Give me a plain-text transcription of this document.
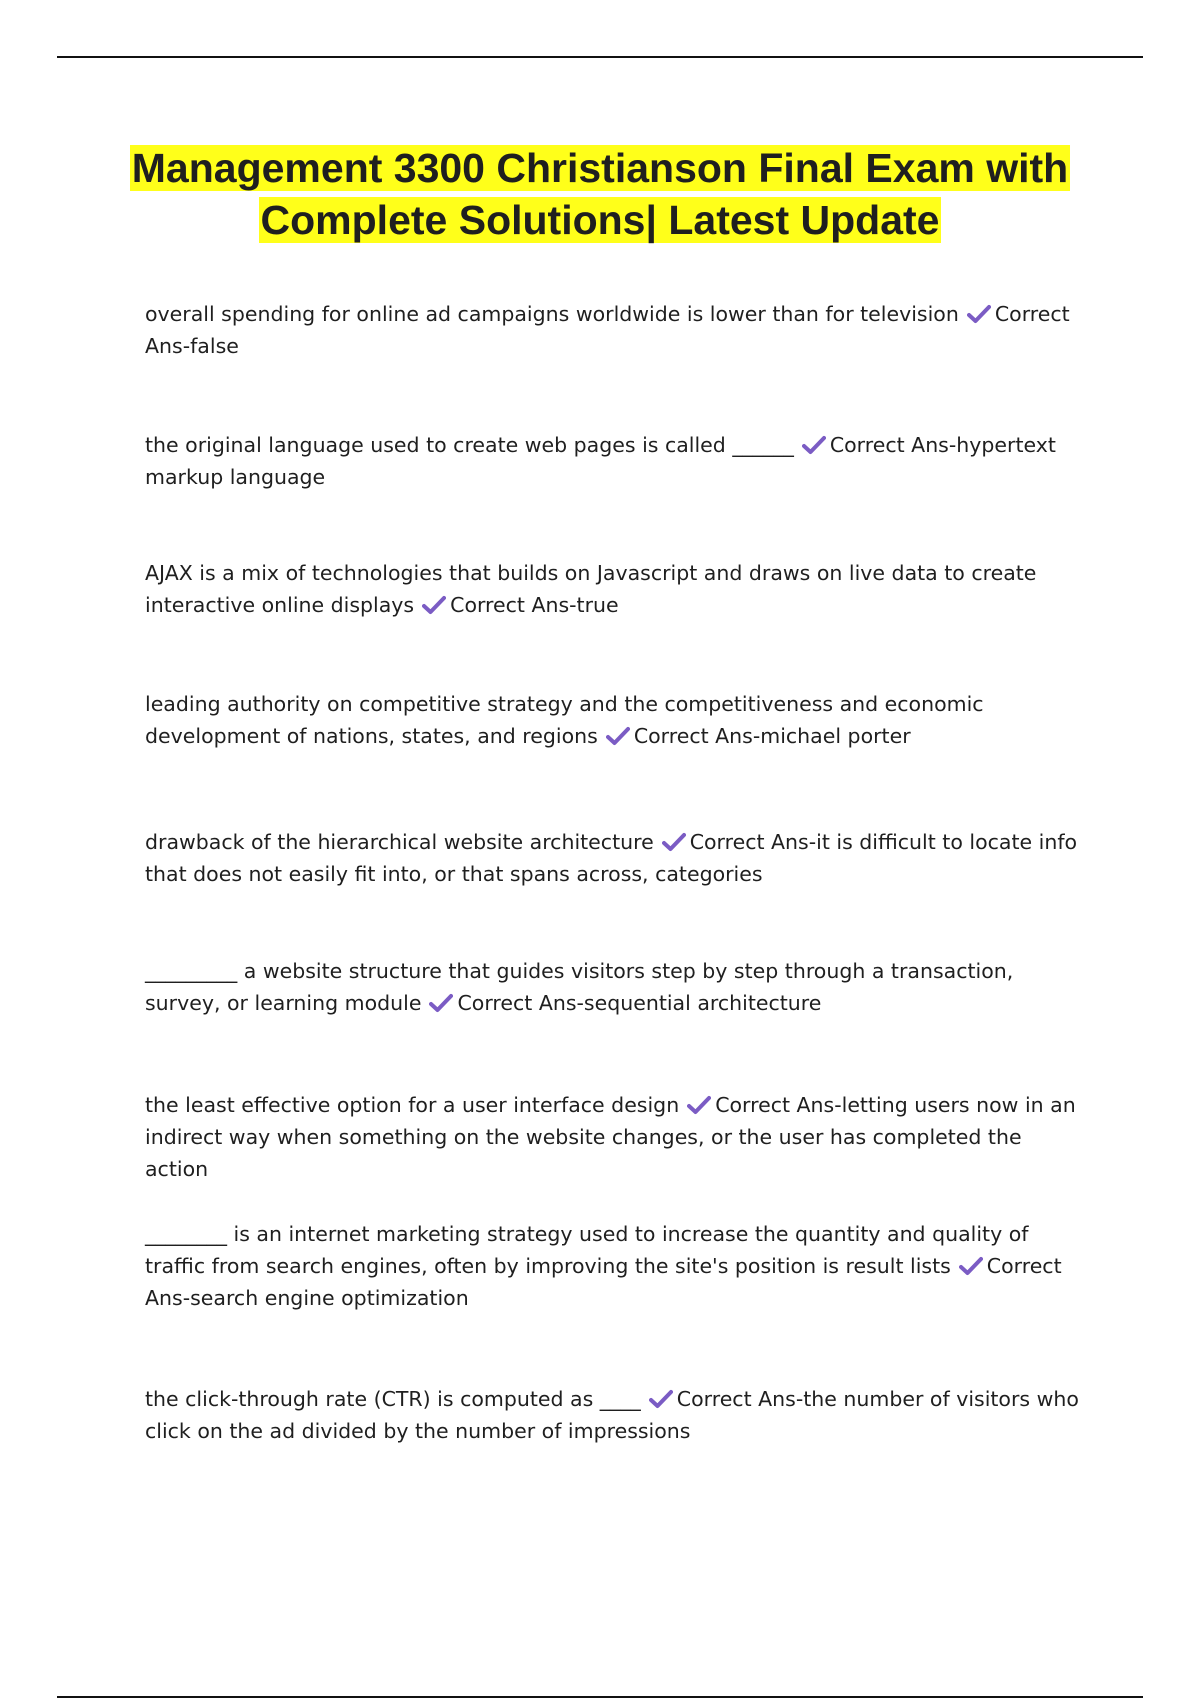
Management 3300 Christianson Final Exam with Complete Solutions| Latest Update

overall spending for online ad campaigns worldwide is lower than for television Correct Ans-false

the original language used to create web pages is called ______ Correct Ans-hypertext markup language

AJAX is a mix of technologies that builds on Javascript and draws on live data to create interactive online displays Correct Ans-true

leading authority on competitive strategy and the competitiveness and economic development of nations, states, and regions Correct Ans-michael porter

drawback of the hierarchical website architecture Correct Ans-it is difficult to locate info that does not easily fit into, or that spans across, categories

_________ a website structure that guides visitors step by step through a transaction, survey, or learning module Correct Ans-sequential architecture

the least effective option for a user interface design Correct Ans-letting users now in an indirect way when something on the website changes, or the user has completed the action

________ is an internet marketing strategy used to increase the quantity and quality of traffic from search engines, often by improving the site's position is result lists Correct Ans-search engine optimization

the click-through rate (CTR) is computed as ____ Correct Ans-the number of visitors who click on the ad divided by the number of impressions
